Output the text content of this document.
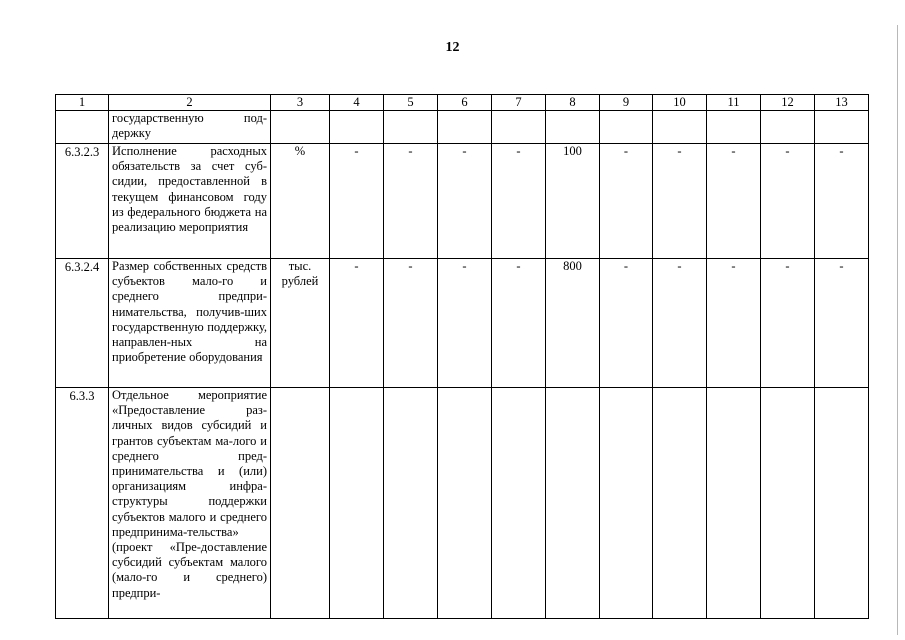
12
1	2	3	4	5	6	7	8	9	10	11	12	13
	государственную под-держку											
6.3.2.3	Исполнение расходных обязательств за счет суб-сидии, предоставленной в текущем финансовом году из федерального бюджета на реализацию мероприятия	%	-	-	-	-	100	-	-	-	-	-
6.3.2.4	Размер собственных средств субъектов мало-го и среднего предпри-нимательства, получив-ших государственную поддержку, направлен-ных на приобретение оборудования	тыс. рублей	-	-	-	-	800	-	-	-	-	-
6.3.3	Отдельное мероприятие «Предоставление раз-личных видов субсидий и грантов субъектам ма-лого и среднего пред-принимательства и (или) организациям инфра-структуры поддержки субъектов малого и среднего предпринима-тельства» (проект «Пре-доставление субсидий субъектам малого (мало-го и среднего) предпри-											
